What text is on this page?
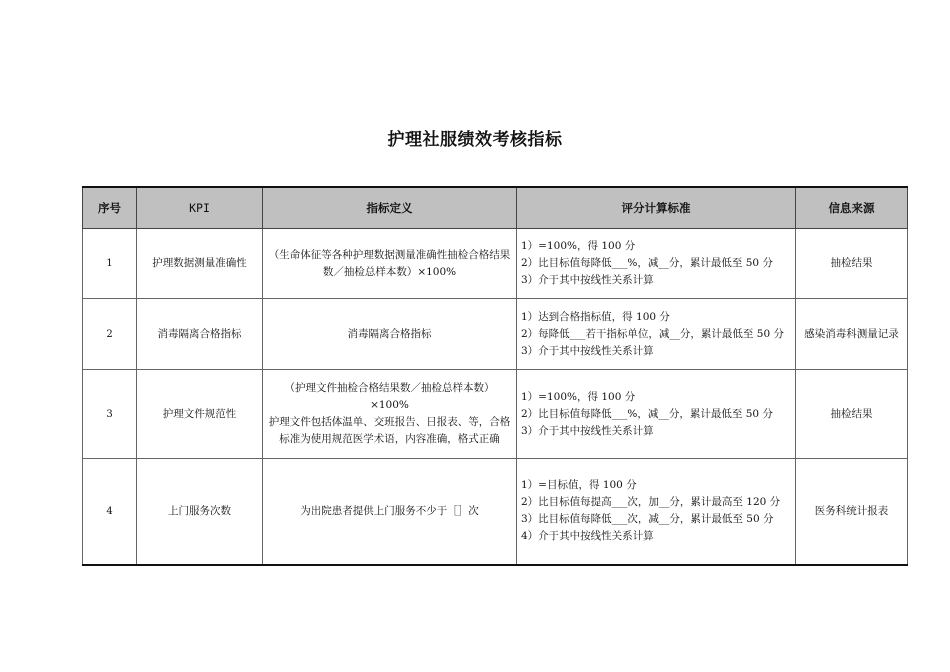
护理社服绩效考核指标
序号	KPI	指标定义	评分计算标准	信息来源
1	护理数据测量准确性	（生命体征等各种护理数据测量准确性抽检合格结果数／抽检总样本数）×100%	1）=100%，得 100 分
2）比目标值每降低___%，减__分，累计最低至 50 分
3）介于其中按线性关系计算	抽检结果
2	消毒隔离合格指标	消毒隔离合格指标	1）达到合格指标值，得 100 分
2）每降低___若干指标单位，减__分，累计最低至 50 分
3）介于其中按线性关系计算	感染消毒科测量记录
3	护理文件规范性	（护理文件抽检合格结果数／抽检总样本数）×100%
护理文件包括体温单、交班报告、日报表、等，合格标准为使用规范医学术语，内容准确，格式正确	1）=100%，得 100 分
2）比目标值每降低___%，减__分，累计最低至 50 分
3）介于其中按线性关系计算	抽检结果
4	上门服务次数	为出院患者提供上门服务不少于［］次	1）=目标值，得 100 分
2）比目标值每提高___次，加__分，累计最高至 120 分
3）比目标值每降低___次，减__分，累计最低至 50 分
4）介于其中按线性关系计算	医务科统计报表
